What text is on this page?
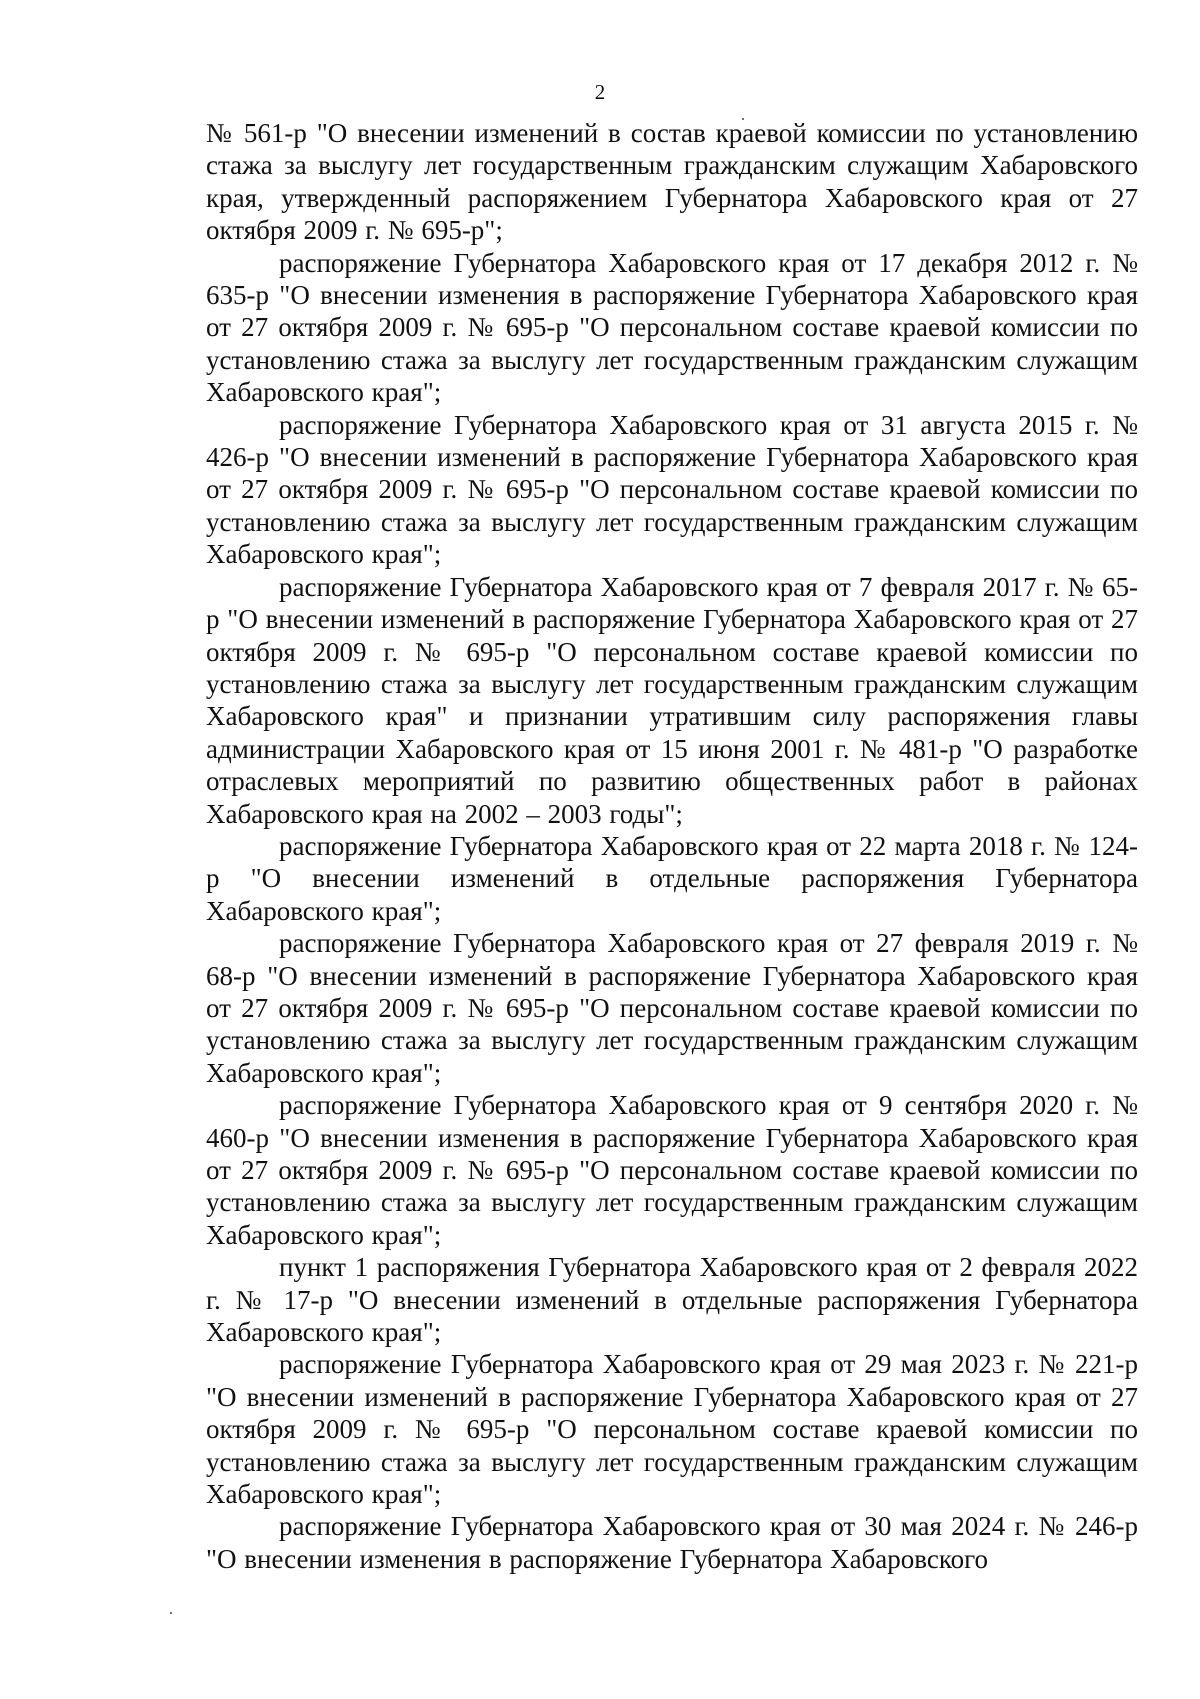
2

№ 561-р "О внесении изменений в состав краевой комиссии по установлению стажа за выслугу лет государственным гражданским служащим Хабаровского края, утвержденный распоряжением Губернатора Хабаровского края от 27 октября 2009 г. № 695-р";

распоряжение Губернатора Хабаровского края от 17 декабря 2012 г. № 635-р "О внесении изменения в распоряжение Губернатора Хабаровского края от 27 октября 2009 г. № 695-р "О персональном составе краевой комиссии по установлению стажа за выслугу лет государственным гражданским служащим Хабаровского края";

распоряжение Губернатора Хабаровского края от 31 августа 2015 г. № 426-р "О внесении изменений в распоряжение Губернатора Хабаровского края от 27 октября 2009 г. № 695-р "О персональном составе краевой комиссии по установлению стажа за выслугу лет государственным гражданским служащим Хабаровского края";

распоряжение Губернатора Хабаровского края от 7 февраля 2017 г. № 65-р "О внесении изменений в распоряжение Губернатора Хабаровского края от 27 октября 2009 г. № 695-р "О персональном составе краевой комиссии по установлению стажа за выслугу лет государственным гражданским служащим Хабаровского края" и признании утратившим силу распоряжения главы администрации Хабаровского края от 15 июня 2001 г. № 481-р "О разработке отраслевых мероприятий по развитию общественных работ в районах Хабаровского края на 2002 – 2003 годы";

распоряжение Губернатора Хабаровского края от 22 марта 2018 г. № 124-р "О внесении изменений в отдельные распоряжения Губернатора Хабаровского края";

распоряжение Губернатора Хабаровского края от 27 февраля 2019 г. № 68-р "О внесении изменений в распоряжение Губернатора Хабаровского края от 27 октября 2009 г. № 695-р "О персональном составе краевой комиссии по установлению стажа за выслугу лет государственным гражданским служащим Хабаровского края";

распоряжение Губернатора Хабаровского края от 9 сентября 2020 г. № 460-р "О внесении изменения в распоряжение Губернатора Хабаровского края от 27 октября 2009 г. № 695-р "О персональном составе краевой комиссии по установлению стажа за выслугу лет государственным гражданским служащим Хабаровского края";

пункт 1 распоряжения Губернатора Хабаровского края от 2 февраля 2022 г. № 17-р "О внесении изменений в отдельные распоряжения Губернатора Хабаровского края";

распоряжение Губернатора Хабаровского края от 29 мая 2023 г. № 221-р "О внесении изменений в распоряжение Губернатора Хабаровского края от 27 октября 2009 г. № 695-р "О персональном составе краевой комиссии по установлению стажа за выслугу лет государственным гражданским служащим Хабаровского края";

распоряжение Губернатора Хабаровского края от 30 мая 2024 г. № 246-р "О внесении изменения в распоряжение Губернатора Хабаровского
